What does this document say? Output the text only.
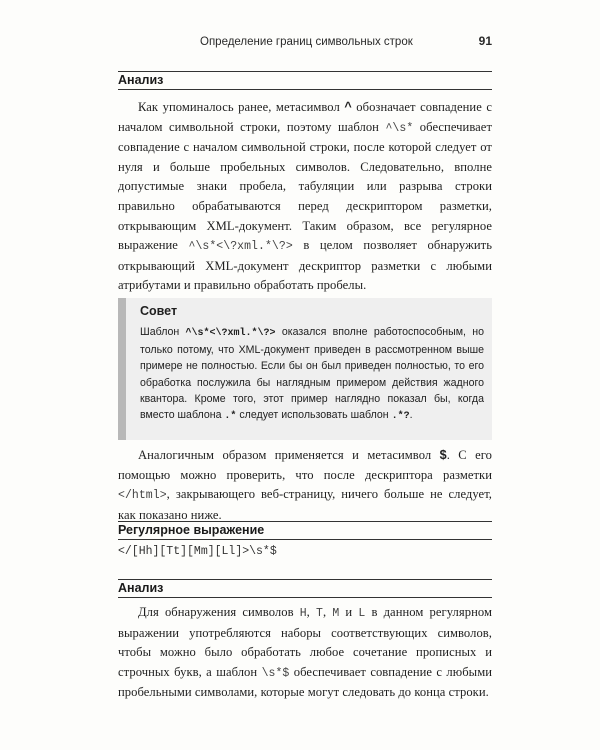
Определение границ символьных строк	91
Анализ

Как упоминалось ранее, метасимвол ^ обозначает совпадение с началом символьной строки, поэтому шаблон ^\s* обеспечивает совпадение с началом символьной строки, после которой следует от нуля и больше пробельных символов. Следовательно, вполне допустимые знаки пробела, табуляции или разрыва строки правильно обрабатываются перед дескриптором разметки, открывающим XML-документ. Таким образом, все регулярное выражение ^\s*<\?xml.*\?> в целом позволяет обнаружить открывающий XML-документ дескриптор разметки с любыми атрибутами и правильно обработать пробелы.

Совет

Шаблон ^\s*<\?xml.*\?> оказался вполне работоспособным, но только потому, что XML-документ приведен в рассмотренном выше примере не полностью. Если бы он был приведен полностью, то его обработка послужила бы наглядным примером действия жадного квантора. Кроме того, этот пример наглядно показал бы, когда вместо шаблона .* следует использовать шаблон .*?.

Аналогичным образом применяется и метасимвол $. С его помощью можно проверить, что после дескриптора разметки </html>, закрывающего веб-страницу, ничего больше не следует, как показано ниже.

Регулярное выражение
</[Hh][Tt][Mm][Ll]>\s*$
Анализ

Для обнаружения символов H, T, M и L в данном регулярном выражении употребляются наборы соответствующих символов, чтобы можно было обработать любое сочетание прописных и строчных букв, а шаблон \s*$ обеспечивает совпадение с любыми пробельными символами, которые могут следовать до конца строки.
